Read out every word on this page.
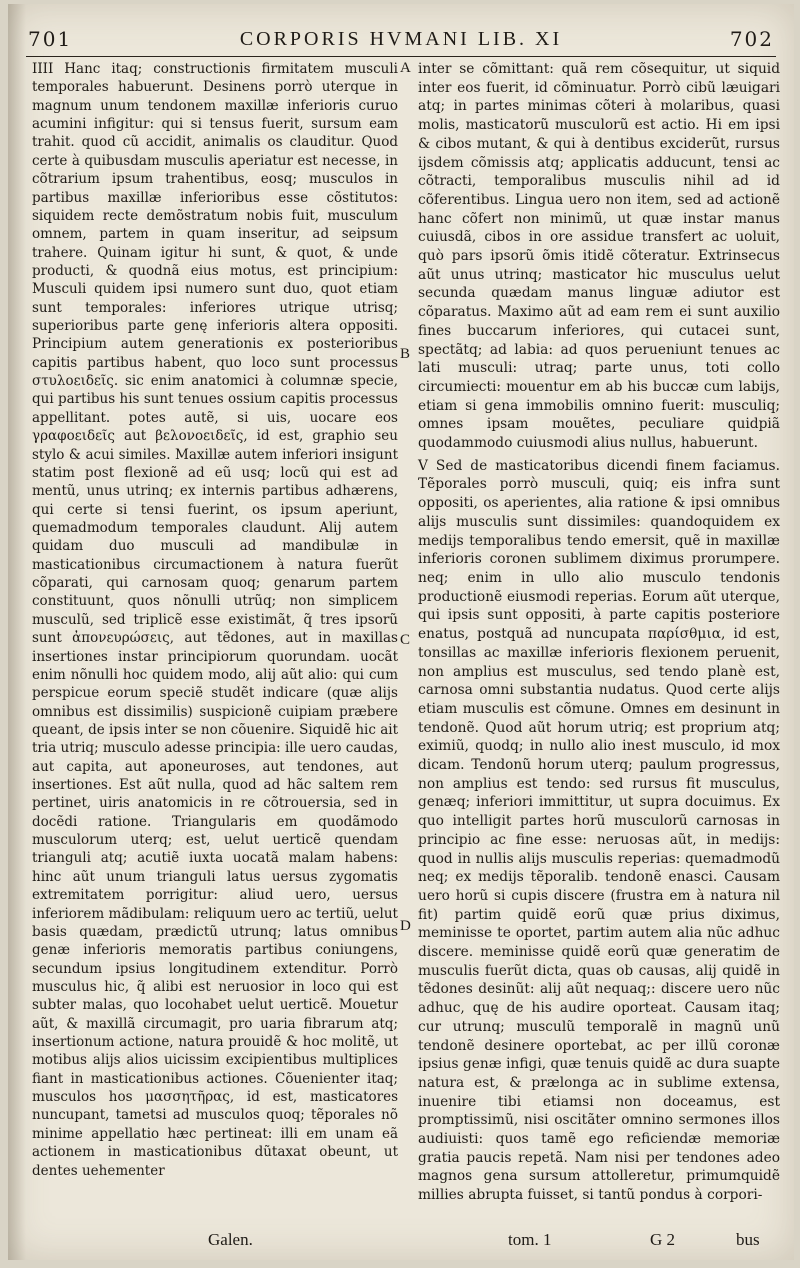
701	CORPORIS HVMANI LIB. XI	702

IIII Hanc itaq; constructionis firmitatem musculi temporales habuerunt. Desinens porrò uterque in magnum unum tendonem maxillæ inferioris curuo acumini infigitur: qui si tensus fuerit, sursum eam trahit. quod cũ accidit, animalis os clauditur. Quod certe à quibusdam musculis aperiatur est necesse, in cõtrarium ipsum trahentibus, eosq; musculos in partibus maxillæ inferioribus esse cõstitutos: siquidem recte demõstratum nobis fuit, musculum omnem, partem in quam inseritur, ad seipsum trahere. Quinam igitur hi sunt, & quot, & unde producti, & quodnã eius motus, est principium: Musculi quidem ipsi numero sunt duo, quot etiam sunt temporales: inferiores utrique utrisq; superioribus parte genę inferioris altera oppositi. Principium autem generationis ex posterioribus capitis partibus habent, quo loco sunt processus στυλοειδεῖς. sic enim anatomici à columnæ specie, qui partibus his sunt tenues ossium capitis processus appellitant. potes autẽ, si uis, uocare eos γραφοειδεῖς aut βελονοειδεῖς, id est, graphio seu stylo & acui similes. Maxillæ autem inferiori insigunt statim post flexionẽ ad eũ usq; locũ qui est ad mentũ, unus utrinq; ex internis partibus adhærens, qui certe si tensi fuerint, os ipsum aperiunt, quemadmodum temporales claudunt. Alij autem quidam duo musculi ad mandibulæ in masticationibus circumactionem à natura fuerũt cõparati, qui carnosam quoq; genarum partem constituunt, quos nõnulli utrũq; non simplicem musculũ, sed triplicẽ esse existimãt, q̃ tres ipsorũ sunt ἀπονευρώσεις, aut tẽdones, aut in maxillas insertiones instar principiorum quorundam. uocãt enim nõnulli hoc quidem modo, alij aũt alio: qui cum perspicue eorum speciẽ studẽt indicare (quæ alijs omnibus est dissimilis) suspicionẽ cuipiam præbere queant, de ipsis inter se non cõuenire. Siquidẽ hic ait tria utriq; musculo adesse principia: ille uero caudas, aut capita, aut aponeuroses, aut tendones, aut insertiones. Est aũt nulla, quod ad hãc saltem rem pertinet, uiris anatomicis in re cõtrouersia, sed in docẽdi ratione. Triangularis em quodãmodo musculorum uterq; est, uelut uerticẽ quendam trianguli atq; acutiẽ iuxta uocatã malam habens: hinc aũt unum trianguli latus uersus zygomatis extremitatem porrigitur: aliud uero, uersus inferiorem mãdibulam: reliquum uero ac tertiũ, uelut basis quædam, prædictũ utrunq; latus omnibus genæ inferioris memoratis partibus coniungens, secundum ipsius longitudinem extenditur. Porrò musculus hic, q̃ alibi est neruosior in loco qui est subter malas, quo locohabet uelut uerticẽ. Mouetur aũt, & maxillã circumagit, pro uaria fibrarum atq; insertionum actione, natura prouidẽ & hoc molitẽ, ut motibus alijs alios uicissim excipientibus multiplices fiant in masticationibus actiones. Cõuenienter itaq; musculos hos μασσητῆρας, id est, masticatores nuncupant, tametsi ad musculos quoq; tẽporales nõ minime appellatio hæc pertineat: illi em unam eã actionem in masticationibus dũtaxat obeunt, ut dentes uehementer

A
B
C
D

inter se cõmittant: quã rem cõsequitur, ut siquid inter eos fuerit, id cõminuatur. Porrò cibũ læuigari atq; in partes minimas cõteri à molaribus, quasi molis, masticatorũ musculorũ est actio. Hi em ipsi & cibos mutant, & qui à dentibus exciderũt, rursus ijsdem cõmissis atq; applicatis adducunt, tensi ac cõtracti, temporalibus musculis nihil ad id cõferentibus. Lingua uero non item, sed ad actionẽ hanc cõfert non minimũ, ut quæ instar manus cuiusdã, cibos in ore assidue transfert ac uoluit, quò pars ipsorũ õmis itidẽ cõteratur. Extrinsecus aũt unus utrinq; masticator hic musculus uelut secunda quædam manus linguæ adiutor est cõparatus. Maximo aũt ad eam rem ei sunt auxilio fines buccarum inferiores, qui cutacei sunt, spectãtq; ad labia: ad quos perueniunt tenues ac lati musculi: utraq; parte unus, toti collo circumiecti: mouentur em ab his buccæ cum labijs, etiam si gena immobilis omnino fuerit: musculiq; omnes ipsam mouẽtes, peculiare quidpiã quodammodo cuiusmodi alius nullus, habuerunt.

V Sed de masticatoribus dicendi finem faciamus. Tẽporales porrò musculi, quiq; eis infra sunt oppositi, os aperientes, alia ratione & ipsi omnibus alijs musculis sunt dissimiles: quandoquidem ex medijs temporalibus tendo emersit, quẽ in maxillæ inferioris coronen sublimem diximus prorumpere. neq; enim in ullo alio musculo tendonis productionẽ eiusmodi reperias. Eorum aũt uterque, qui ipsis sunt oppositi, à parte capitis posteriore enatus, postquã ad nuncupata παρίσθμια, id est, tonsillas ac maxillæ inferioris flexionem peruenit, non amplius est musculus, sed tendo planè est, carnosa omni substantia nudatus. Quod certe alijs etiam musculis est cõmune. Omnes em desinunt in tendonẽ. Quod aũt horum utriq; est proprium atq; eximiũ, quodq; in nullo alio inest musculo, id mox dicam. Tendonũ horum uterq; paulum progressus, non amplius est tendo: sed rursus fit musculus, genæq; inferiori immittitur, ut supra docuimus. Ex quo intelligit partes horũ musculorũ carnosas in principio ac fine esse: neruosas aũt, in medijs: quod in nullis alijs musculis reperias: quemadmodũ neq; ex medijs tẽporalib. tendonẽ enasci. Causam uero horũ si cupis discere (frustra em à natura nil fit) partim quidẽ eorũ quæ prius diximus, meminisse te oportet, partim autem alia nũc adhuc discere. meminisse quidẽ eorũ quæ generatim de musculis fuerũt dicta, quas ob causas, alij quidẽ in tẽdones desinũt: alij aũt nequaq;: discere uero nũc adhuc, quę de his audire oporteat. Causam itaq; cur utrunq; musculũ temporalẽ in magnũ unũ tendonẽ desinere oportebat, ac per illũ coronæ ipsius genæ infigi, quæ tenuis quidẽ ac dura suapte natura est, & prælonga ac in sublime extensa, inuenire tibi etiamsi non doceamus, est promptissimũ, nisi oscitãter omnino sermones illos audiuisti: quos tamẽ ego reficiendæ memoriæ gratia paucis repetã. Nam nisi per tendones adeo magnos gena sursum attolleretur, primumquidẽ millies abrupta fuisset, si tantũ pondus à corpori-

Galen.	tom. 1	G 2	bus
